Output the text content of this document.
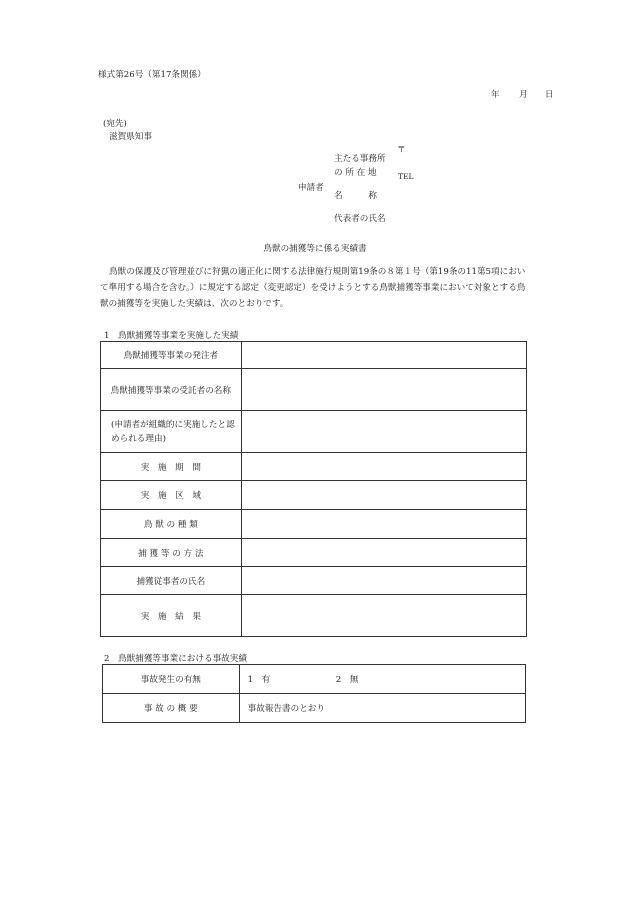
様式第26号（第17条関係）
年 月 日
(宛先)
滋賀県知事
〒
主たる事務所
の 所 在 地	TEL
申請者
名　　　称
代表者の氏名
鳥獣の捕獲等に係る実績書
鳥獣の保護及び管理並びに狩猟の適正化に関する法律施行規則第19条の８第１号（第19条の11第5項において準用する場合を含む。）に規定する認定（変更認定）を受けようとする鳥獣捕獲等事業において対象とする鳥獣の捕獲等を実施した実績は、次のとおりです。
1　鳥獣捕獲等事業を実施した実績
鳥獣捕獲等事業の発注者	
鳥獣捕獲等事業の受託者の名称	
(申請者が組織的に実施したと認められる理由)	
実　施　期　間	
実　施　区　域	
鳥 獣 の 種 類	
捕 獲 等 の 方 法	
捕獲従事者の氏名	
実　施　結　果	
2　鳥獣捕獲等事業における事故実績
事故発生の有無	1　有 2　無
事 故 の 概 要	事故報告書のとおり
